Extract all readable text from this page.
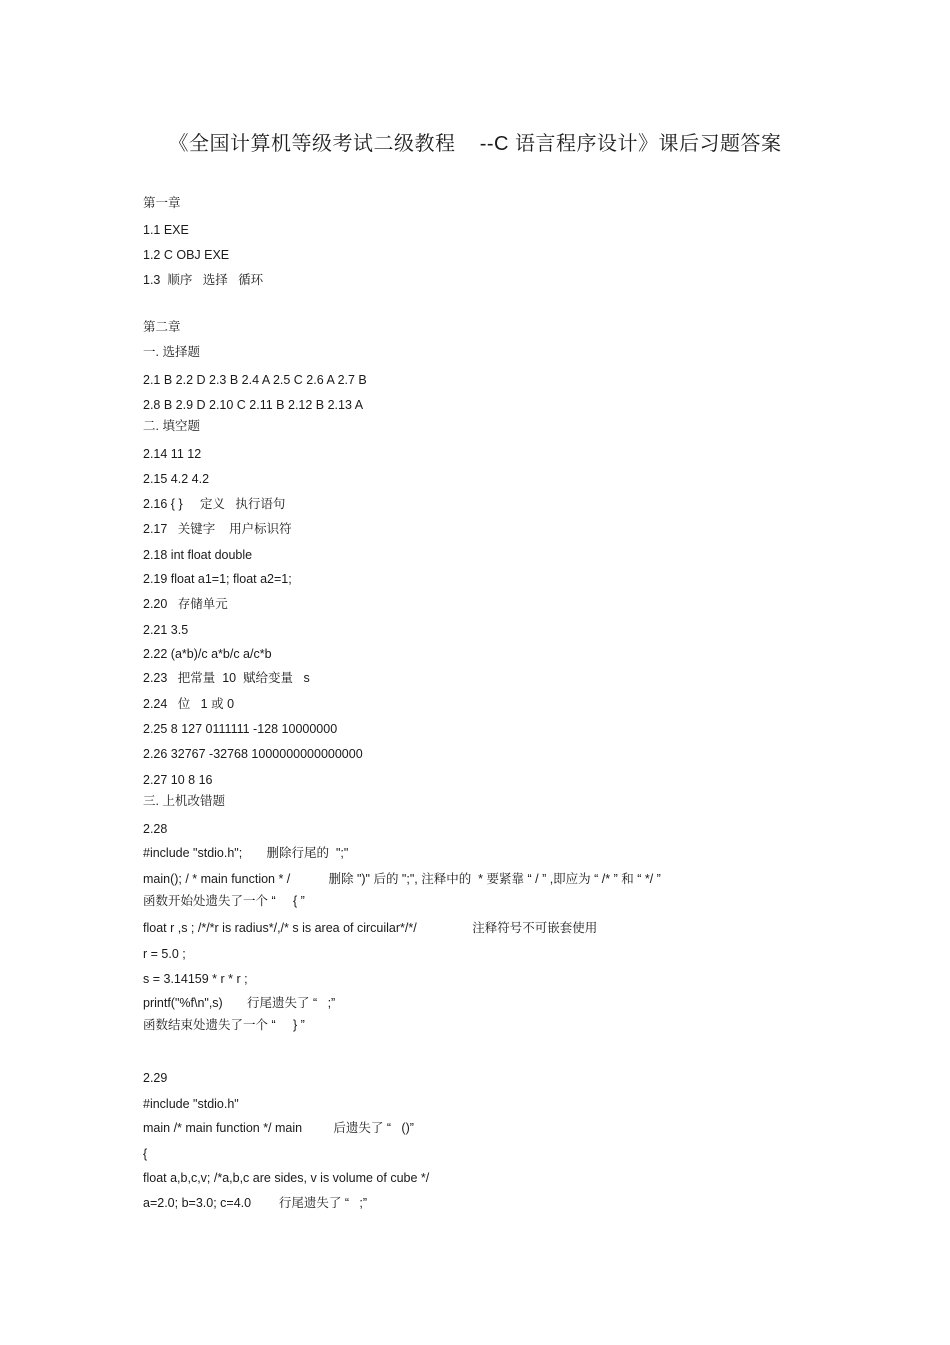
《全国计算机等级考试二级教程    --C 语言程序设计》课后习题答案
第一章
1.1 EXE
1.2 C OBJ EXE
1.3  顺序   选择   循环
第二章
一. 选择题
2.1 B 2.2 D 2.3 B 2.4 A 2.5 C 2.6 A 2.7 B
2.8 B 2.9 D 2.10 C 2.11 B 2.12 B 2.13 A
二. 填空题
2.14 11 12
2.15 4.2 4.2
2.16 { }     定义   执行语句
2.17   关键字    用户标识符
2.18 int float double
2.19 float a1=1; float a2=1;
2.20   存储单元
2.21 3.5
2.22 (a*b)/c a*b/c a/c*b
2.23   把常量  10  赋给变量   s
2.24   位   1 或 0
2.25 8 127 0111111 -128 10000000
2.26 32767 -32768 1000000000000000
2.27 10 8 16
三. 上机改错题
2.28
#include "stdio.h";       删除行尾的  ";"
main(); / * main function * /           删除 ")" 后的 ";", 注释中的  * 要紧靠 “ / ” ,即应为 “ /* ” 和 “ */ ”
函数开始处遗失了一个 “     { ”
float r ,s ; /*/*r is radius*/,/* s is area of circuilar*/*/                注释符号不可嵌套使用
r = 5.0 ;
s = 3.14159 * r * r ;
printf("%f\n",s)       行尾遗失了 “   ;”
函数结束处遗失了一个 “     } ”
2.29
#include "stdio.h"
main /* main function */ main         后遗失了 “   ()”
{
float a,b,c,v; /*a,b,c are sides, v is volume of cube */
a=2.0; b=3.0; c=4.0        行尾遗失了 “   ;”
